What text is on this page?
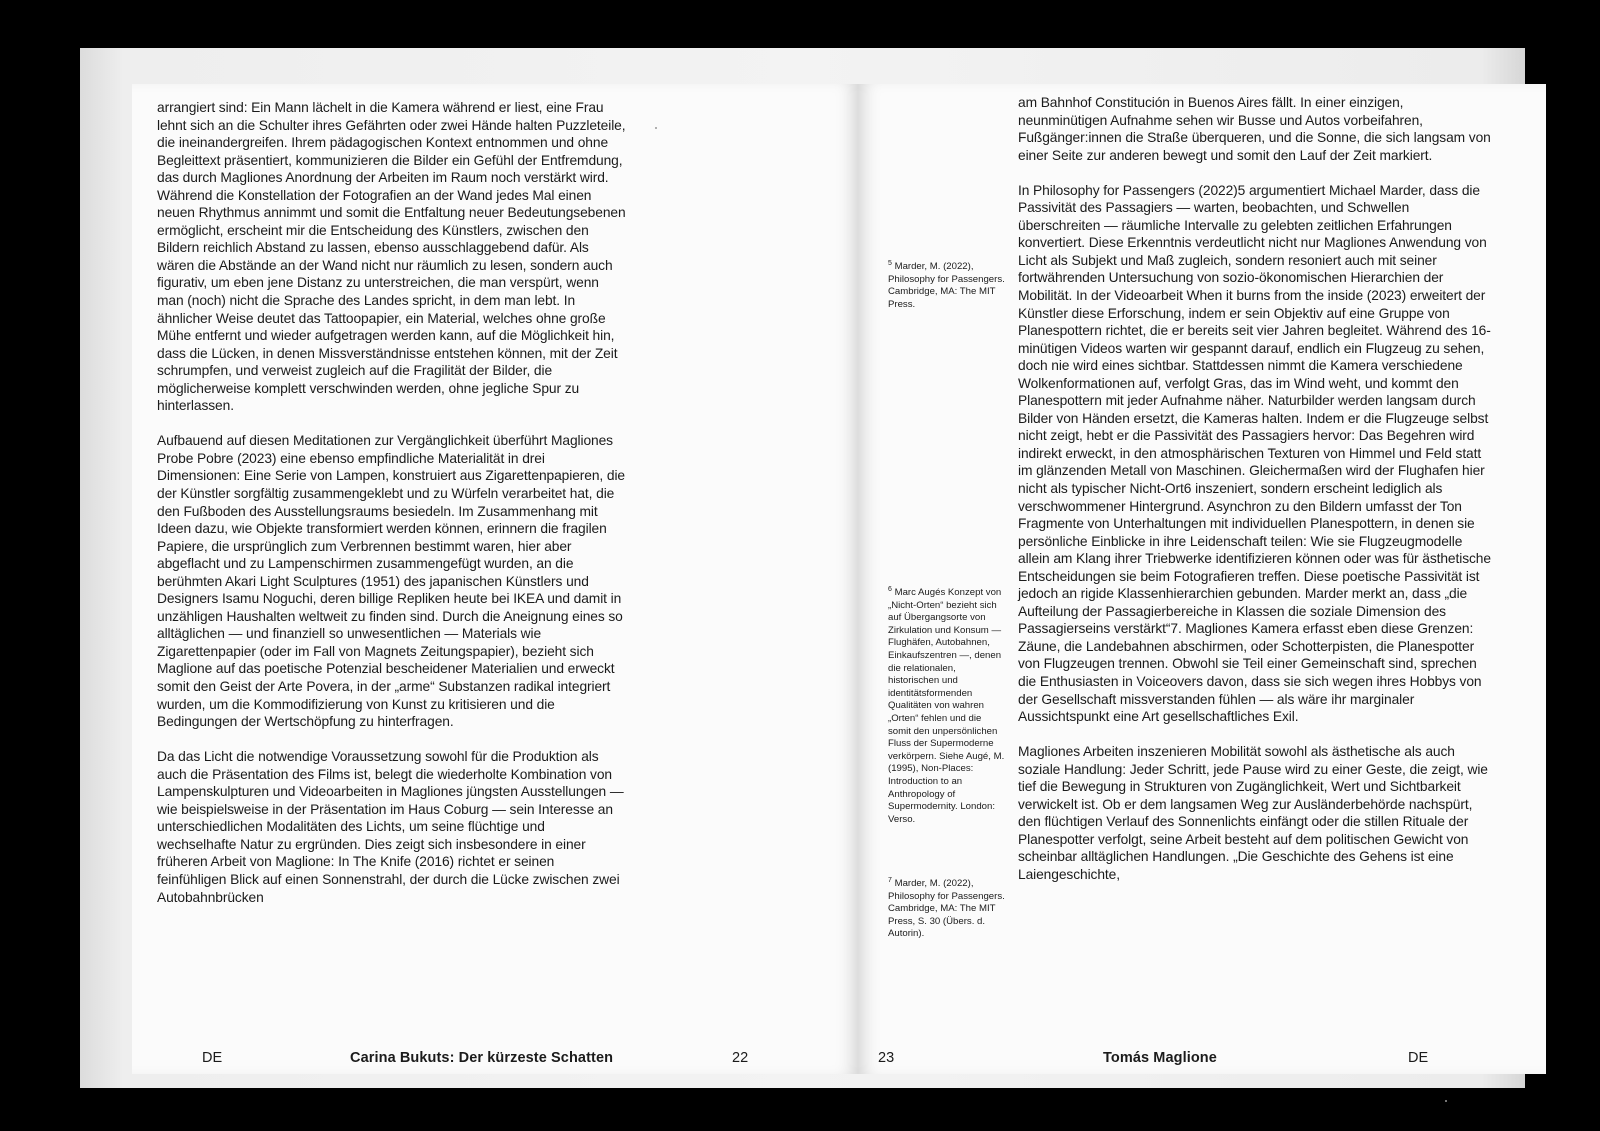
arrangiert sind: Ein Mann lächelt in die Kamera während er liest, eine Frau lehnt sich an die Schulter ihres Gefährten oder zwei Hände halten Puzzleteile, die ineinandergreifen. Ihrem pädagogischen Kontext entnommen und ohne Begleittext präsentiert, kommunizieren die Bilder ein Gefühl der Entfremdung, das durch Magliones Anordnung der Arbeiten im Raum noch verstärkt wird. Während die Konstellation der Fotografien an der Wand jedes Mal einen neuen Rhythmus annimmt und somit die Entfaltung neuer Bedeutungsebenen ermöglicht, erscheint mir die Entscheidung des Künstlers, zwischen den Bildern reichlich Abstand zu lassen, ebenso ausschlaggebend dafür. Als wären die Abstände an der Wand nicht nur räumlich zu lesen, sondern auch figurativ, um eben jene Distanz zu unterstreichen, die man verspürt, wenn man (noch) nicht die Sprache des Landes spricht, in dem man lebt. In ähnlicher Weise deutet das Tattoopapier, ein Material, welches ohne große Mühe entfernt und wieder aufgetragen werden kann, auf die Möglichkeit hin, dass die Lücken, in denen Missverständnisse entstehen können, mit der Zeit schrumpfen, und verweist zugleich auf die Fragilität der Bilder, die möglicherweise komplett verschwinden werden, ohne jegliche Spur zu hinterlassen.

Aufbauend auf diesen Meditationen zur Vergänglichkeit überführt Magliones Probe Pobre (2023) eine ebenso empfindliche Materialität in drei Dimensionen: Eine Serie von Lampen, konstruiert aus Zigarettenpapieren, die der Künstler sorgfältig zusammengeklebt und zu Würfeln verarbeitet hat, die den Fußboden des Ausstellungsraums besiedeln. Im Zusammenhang mit Ideen dazu, wie Objekte transformiert werden können, erinnern die fragilen Papiere, die ursprünglich zum Verbrennen bestimmt waren, hier aber abgeflacht und zu Lampenschirmen zusammengefügt wurden, an die berühmten Akari Light Sculptures (1951) des japanischen Künstlers und Designers Isamu Noguchi, deren billige Repliken heute bei IKEA und damit in unzähligen Haushalten weltweit zu finden sind. Durch die Aneignung eines so alltäglichen — und finanziell so unwesentlichen — Materials wie Zigarettenpapier (oder im Fall von Magnets Zeitungspapier), bezieht sich Maglione auf das poetische Potenzial bescheidener Materialien und erweckt somit den Geist der Arte Povera, in der „arme“ Substanzen radikal integriert wurden, um die Kommodifizierung von Kunst zu kritisieren und die Bedingungen der Wertschöpfung zu hinterfragen.

Da das Licht die notwendige Voraussetzung sowohl für die Produktion als auch die Präsentation des Films ist, belegt die wiederholte Kombination von Lampenskulpturen und Videoarbeiten in Magliones jüngsten Ausstellungen — wie beispielsweise in der Präsentation im Haus Coburg — sein Interesse an unterschiedlichen Modalitäten des Lichts, um seine flüchtige und wechselhafte Natur zu ergründen. Dies zeigt sich insbesondere in einer früheren Arbeit von Maglione: In The Knife (2016) richtet er seinen feinfühligen Blick auf einen Sonnenstrahl, der durch die Lücke zwischen zwei Autobahnbrücken

DE	Carina Bukuts: Der kürzeste Schatten	22
$^5$ Marder, M. (2022), Philosophy for Passengers. Cambridge, MA: The MIT Press.
$^6$ Marc Augés Konzept von „Nicht-Orten“ bezieht sich auf Übergangsorte von Zirkulation und Konsum — Flughäfen, Autobahnen, Einkaufszentren —, denen die relationalen, historischen und identitätsformenden Qualitäten von wahren „Orten“ fehlen und die somit den unpersönlichen Fluss der Supermoderne verkörpern. Siehe Augé, M. (1995), Non-Places: Introduction to an Anthropology of Supermodernity. London: Verso.
$^7$ Marder, M. (2022), Philosophy for Passengers. Cambridge, MA: The MIT Press, S. 30 (Übers. d. Autorin).

am Bahnhof Constitución in Buenos Aires fällt. In einer einzigen, neunminütigen Aufnahme sehen wir Busse und Autos vorbeifahren, Fußgänger:innen die Straße überqueren, und die Sonne, die sich langsam von einer Seite zur anderen bewegt und somit den Lauf der Zeit markiert.

In Philosophy for Passengers (2022)5 argumentiert Michael Marder, dass die Passivität des Passagiers — warten, beobachten, und Schwellen überschreiten — räumliche Intervalle zu gelebten zeitlichen Erfahrungen konvertiert. Diese Erkenntnis verdeutlicht nicht nur Magliones Anwendung von Licht als Subjekt und Maß zugleich, sondern resoniert auch mit seiner fortwährenden Untersuchung von sozio-ökonomischen Hierarchien der Mobilität. In der Videoarbeit When it burns from the inside (2023) erweitert der Künstler diese Erforschung, indem er sein Objektiv auf eine Gruppe von Planespottern richtet, die er bereits seit vier Jahren begleitet. Während des 16-minütigen Videos warten wir gespannt darauf, endlich ein Flugzeug zu sehen, doch nie wird eines sichtbar. Stattdessen nimmt die Kamera verschiedene Wolkenformationen auf, verfolgt Gras, das im Wind weht, und kommt den Planespottern mit jeder Aufnahme näher. Naturbilder werden langsam durch Bilder von Händen ersetzt, die Kameras halten. Indem er die Flugzeuge selbst nicht zeigt, hebt er die Passivität des Passagiers hervor: Das Begehren wird indirekt erweckt, in den atmosphärischen Texturen von Himmel und Feld statt im glänzenden Metall von Maschinen. Gleichermaßen wird der Flughafen hier nicht als typischer Nicht-Ort6 inszeniert, sondern erscheint lediglich als verschwommener Hintergrund. Asynchron zu den Bildern umfasst der Ton Fragmente von Unterhaltungen mit individuellen Planespottern, in denen sie persönliche Einblicke in ihre Leidenschaft teilen: Wie sie Flugzeugmodelle allein am Klang ihrer Triebwerke identifizieren können oder was für ästhetische Entscheidungen sie beim Fotografieren treffen. Diese poetische Passivität ist jedoch an rigide Klassenhierarchien gebunden. Marder merkt an, dass „die Aufteilung der Passagierbereiche in Klassen die soziale Dimension des Passagierseins verstärkt“7. Magliones Kamera erfasst eben diese Grenzen: Zäune, die Landebahnen abschirmen, oder Schotterpisten, die Planespotter von Flugzeugen trennen. Obwohl sie Teil einer Gemeinschaft sind, sprechen die Enthusiasten in Voiceovers davon, dass sie sich wegen ihres Hobbys von der Gesellschaft missverstanden fühlen — als wäre ihr marginaler Aussichtspunkt eine Art gesellschaftliches Exil.

Magliones Arbeiten inszenieren Mobilität sowohl als ästhetische als auch soziale Handlung: Jeder Schritt, jede Pause wird zu einer Geste, die zeigt, wie tief die Bewegung in Strukturen von Zugänglichkeit, Wert und Sichtbarkeit verwickelt ist. Ob er dem langsamen Weg zur Ausländerbehörde nachspürt, den flüchtigen Verlauf des Sonnenlichts einfängt oder die stillen Rituale der Planespotter verfolgt, seine Arbeit besteht auf dem politischen Gewicht von scheinbar alltäglichen Handlungen. „Die Geschichte des Gehens ist eine Laiengeschichte,

23	Tomás Maglione	DE
